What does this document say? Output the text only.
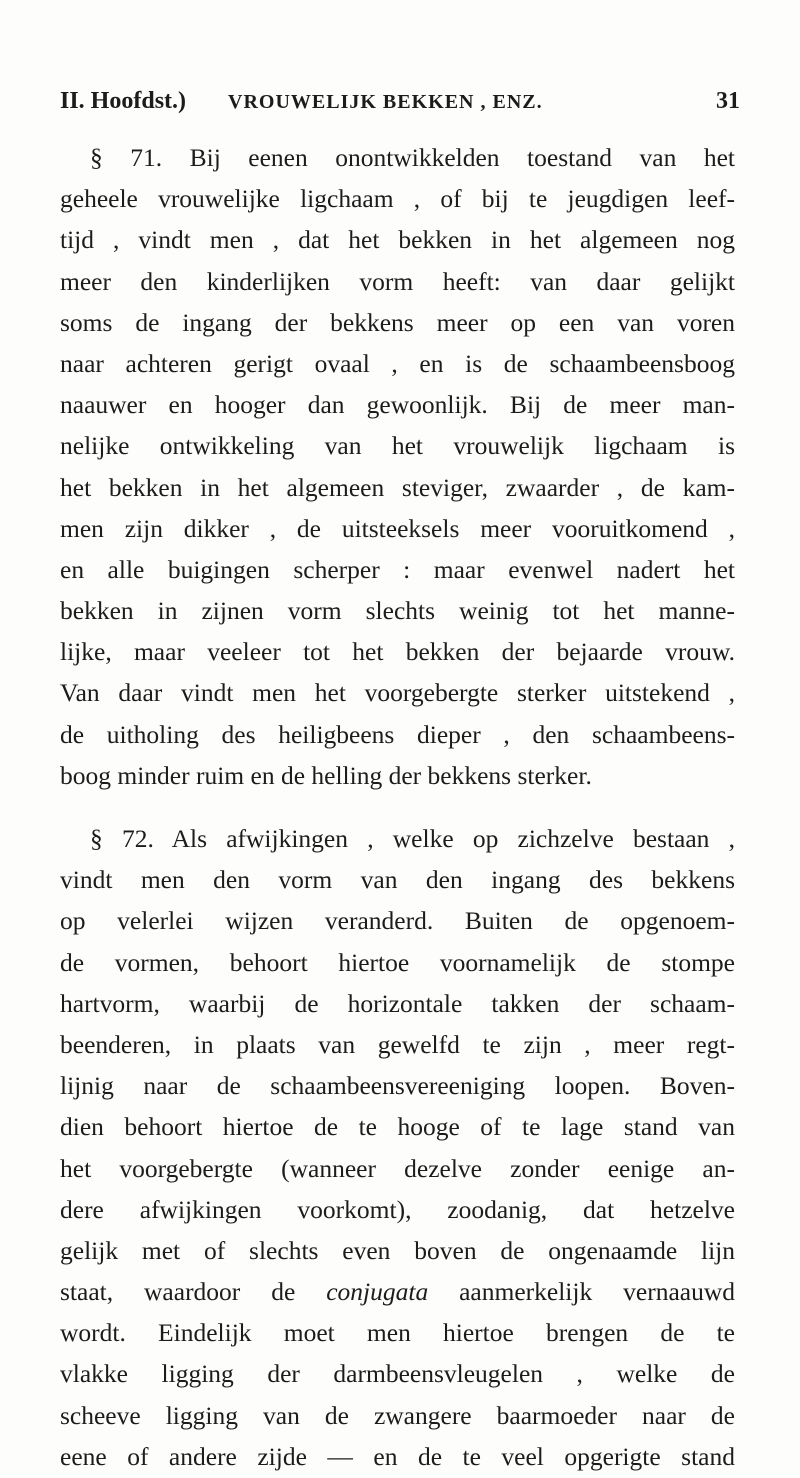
II. Hoofdst.) VROUWELIJK BEKKEN , ENZ.	31
§ 71. Bij eenen onontwikkelden toestand van het
geheele vrouwelijke ligchaam , of bij te jeugdigen leef-
tijd , vindt men , dat het bekken in het algemeen nog
meer den kinderlijken vorm heeft: van daar gelijkt
soms de ingang der bekkens meer op een van voren
naar achteren gerigt ovaal , en is de schaambeensboog
naauwer en hooger dan gewoonlijk. Bij de meer man-
nelijke ontwikkeling van het vrouwelijk ligchaam is
het bekken in het algemeen steviger, zwaarder , de kam-
men zijn dikker , de uitsteeksels meer vooruitkomend ,
en alle buigingen scherper : maar evenwel nadert het
bekken in zijnen vorm slechts weinig tot het manne-
lijke, maar veeleer tot het bekken der bejaarde vrouw.
Van daar vindt men het voorgebergte sterker uitstekend ,
de uitholing des heiligbeens dieper , den schaambeens-
boog minder ruim en de helling der bekkens sterker.
§ 72. Als afwijkingen , welke op zichzelve bestaan ,
vindt men den vorm van den ingang des bekkens
op velerlei wijzen veranderd. Buiten de opgenoem-
de vormen, behoort hiertoe voornamelijk de stompe
hartvorm, waarbij de horizontale takken der schaam-
beenderen, in plaats van gewelfd te zijn , meer regt-
lijnig naar de schaambeensvereeniging loopen. Boven-
dien behoort hiertoe de te hooge of te lage stand van
het voorgebergte (wanneer dezelve zonder eenige an-
dere afwijkingen voorkomt), zoodanig, dat hetzelve
gelijk met of slechts even boven de ongenaamde lijn
staat, waardoor de conjugata aanmerkelijk vernaauwd
wordt. Eindelijk moet men hiertoe brengen de te
vlakke ligging der darmbeensvleugelen , welke de
scheeve ligging van de zwangere baarmoeder naar de
eene of andere zijde — en de te veel opgerigte stand
